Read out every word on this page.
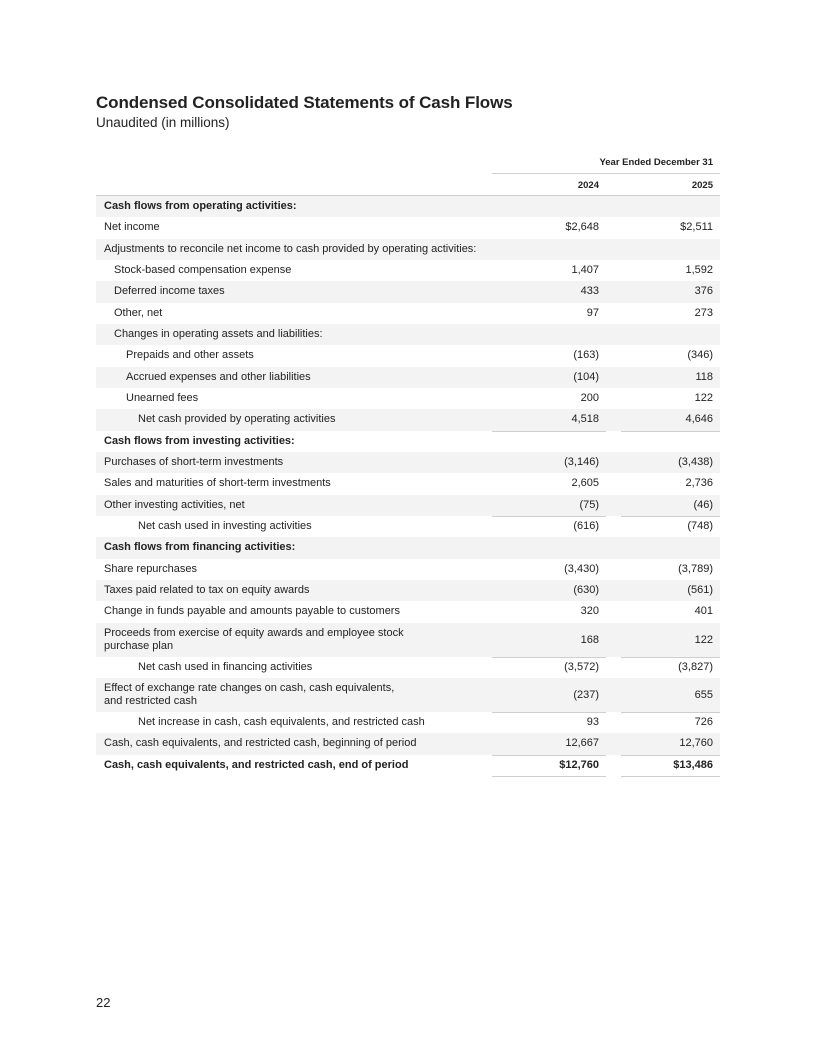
Condensed Consolidated Statements of Cash Flows
Unaudited (in millions)
Year Ended December 31
2024	2025
Cash flows from operating activities:
Net income	$2,648	$2,511
Adjustments to reconcile net income to cash provided by operating activities:
Stock-based compensation expense	1,407	1,592
Deferred income taxes	433	376
Other, net	97	273
Changes in operating assets and liabilities:
Prepaids and other assets	(163)	(346)
Accrued expenses and other liabilities	(104)	118
Unearned fees	200	122
Net cash provided by operating activities	4,518	4,646
Cash flows from investing activities:
Purchases of short-term investments	(3,146)	(3,438)
Sales and maturities of short-term investments	2,605	2,736
Other investing activities, net	(75)	(46)
Net cash used in investing activities	(616)	(748)
Cash flows from financing activities:
Share repurchases	(3,430)	(3,789)
Taxes paid related to tax on equity awards	(630)	(561)
Change in funds payable and amounts payable to customers	320	401
Proceeds from exercise of equity awards and employee stock purchase plan	168	122
Net cash used in financing activities	(3,572)	(3,827)
Effect of exchange rate changes on cash, cash equivalents, and restricted cash	(237)	655
Net increase in cash, cash equivalents, and restricted cash	93	726
Cash, cash equivalents, and restricted cash, beginning of period	12,667	12,760
Cash, cash equivalents, and restricted cash, end of period	$12,760	$13,486
22
